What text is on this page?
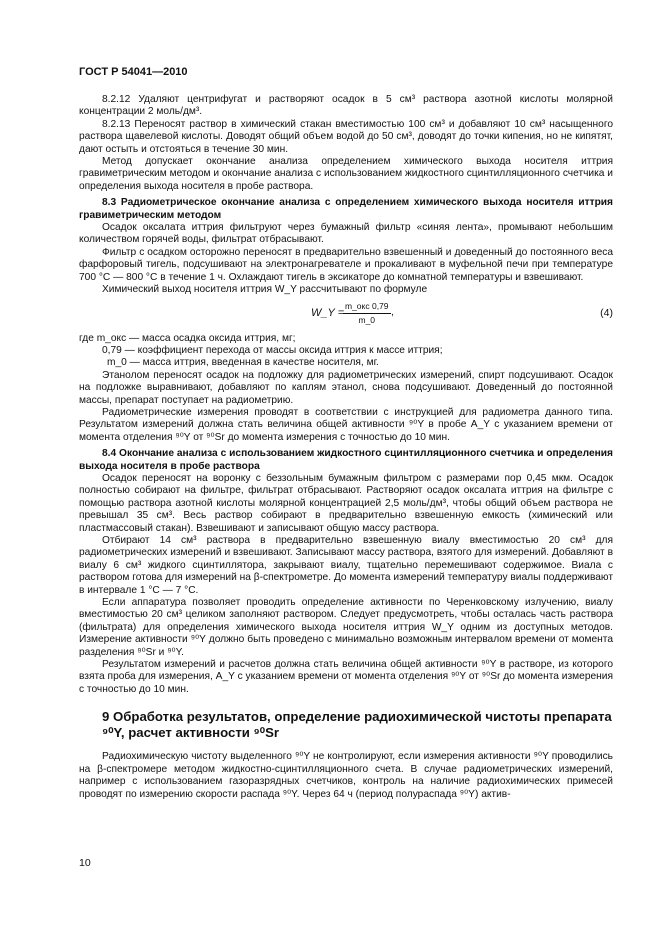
ГОСТ Р 54041—2010

8.2.12 Удаляют центрифугат и растворяют осадок в 5 см³ раствора азотной кислоты молярной концентрации 2 моль/дм³.

8.2.13 Переносят раствор в химический стакан вместимостью 100 см³ и добавляют 10 см³ насыщенного раствора щавелевой кислоты. Доводят общий объем водой до 50 см³, доводят до точки кипения, но не кипятят, дают остыть и отстояться в течение 30 мин.

Метод допускает окончание анализа определением химического выхода носителя иттрия гравиметрическим методом и окончание анализа с использованием жидкостного сцинтилляционного счетчика и определения выхода носителя в пробе раствора.

8.3 Радиометрическое окончание анализа с определением химического выхода носителя иттрия гравиметрическим методом

Осадок оксалата иттрия фильтруют через бумажный фильтр «синяя лента», промывают небольшим количеством горячей воды, фильтрат отбрасывают.

Фильтр с осадком осторожно переносят в предварительно взвешенный и доведенный до постоянного веса фарфоровый тигель, подсушивают на электронагревателе и прокаливают в муфельной печи при температуре 700 °С — 800 °С в течение 1 ч. Охлаждают тигель в эксикаторе до комнатной температуры и взвешивают.

Химический выход носителя иттрия W_Y рассчитывают по формуле

W_Y =
m_окс 0,79
m_0
,	(4)
где m_окс — масса осадка оксида иттрия, мг;
0,79 — коэффициент перехода от массы оксида иттрия к массе иттрия;
m_0 — масса иттрия, введенная в качестве носителя, мг.

Этанолом переносят осадок на подложку для радиометрических измерений, спирт подсушивают. Осадок на подложке выравнивают, добавляют по каплям этанол, снова подсушивают. Доведенный до постоянной массы, препарат поступает на радиометрию.

Радиометрические измерения проводят в соответствии с инструкцией для радиометра данного типа. Результатом измерений должна стать величина общей активности ⁹⁰Y в пробе A_Y с указанием времени от момента отделения ⁹⁰Y от ⁹⁰Sr до момента измерения с точностью до 10 мин.

8.4 Окончание анализа с использованием жидкостного сцинтилляционного счетчика и определения выхода носителя в пробе раствора

Осадок переносят на воронку с беззольным бумажным фильтром с размерами пор 0,45 мкм. Осадок полностью собирают на фильтре, фильтрат отбрасывают. Растворяют осадок оксалата иттрия на фильтре с помощью раствора азотной кислоты молярной концентрацией 2,5 моль/дм³, чтобы общий объем раствора не превышал 35 см³. Весь раствор собирают в предварительно взвешенную емкость (химический или пластмассовый стакан). Взвешивают и записывают общую массу раствора.

Отбирают 14 см³ раствора в предварительно взвешенную виалу вместимостью 20 см³ для радиометрических измерений и взвешивают. Записывают массу раствора, взятого для измерений. Добавляют в виалу 6 см³ жидкого сцинтиллятора, закрывают виалу, тщательно перемешивают содержимое. Виала с раствором готова для измерений на β-спектрометре. До момента измерений температуру виалы поддерживают в интервале 1 °С — 7 °С.

Если аппаратура позволяет проводить определение активности по Черенковскому излучению, виалу вместимостью 20 см³ целиком заполняют раствором. Следует предусмотреть, чтобы осталась часть раствора (фильтрата) для определения химического выхода носителя иттрия W_Y одним из доступных методов. Измерение активности ⁹⁰Y должно быть проведено с минимально возможным интервалом времени от момента разделения ⁹⁰Sr и ⁹⁰Y.

Результатом измерений и расчетов должна стать величина общей активности ⁹⁰Y в растворе, из которого взята проба для измерения, A_Y с указанием времени от момента отделения ⁹⁰Y от ⁹⁰Sr до момента измерения с точностью до 10 мин.

9 Обработка результатов, определение радиохимической чистоты препарата ⁹⁰Y, расчет активности ⁹⁰Sr

Радиохимическую чистоту выделенного ⁹⁰Y не контролируют, если измерения активности ⁹⁰Y проводились на β-спектромере методом жидкостно-сцинтилляционного счета. В случае радиометрических измерений, например с использованием газоразрядных счетчиков, контроль на наличие радиохимических примесей проводят по измерению скорости распада ⁹⁰Y. Через 64 ч (период полураспада ⁹⁰Y) актив-

10
